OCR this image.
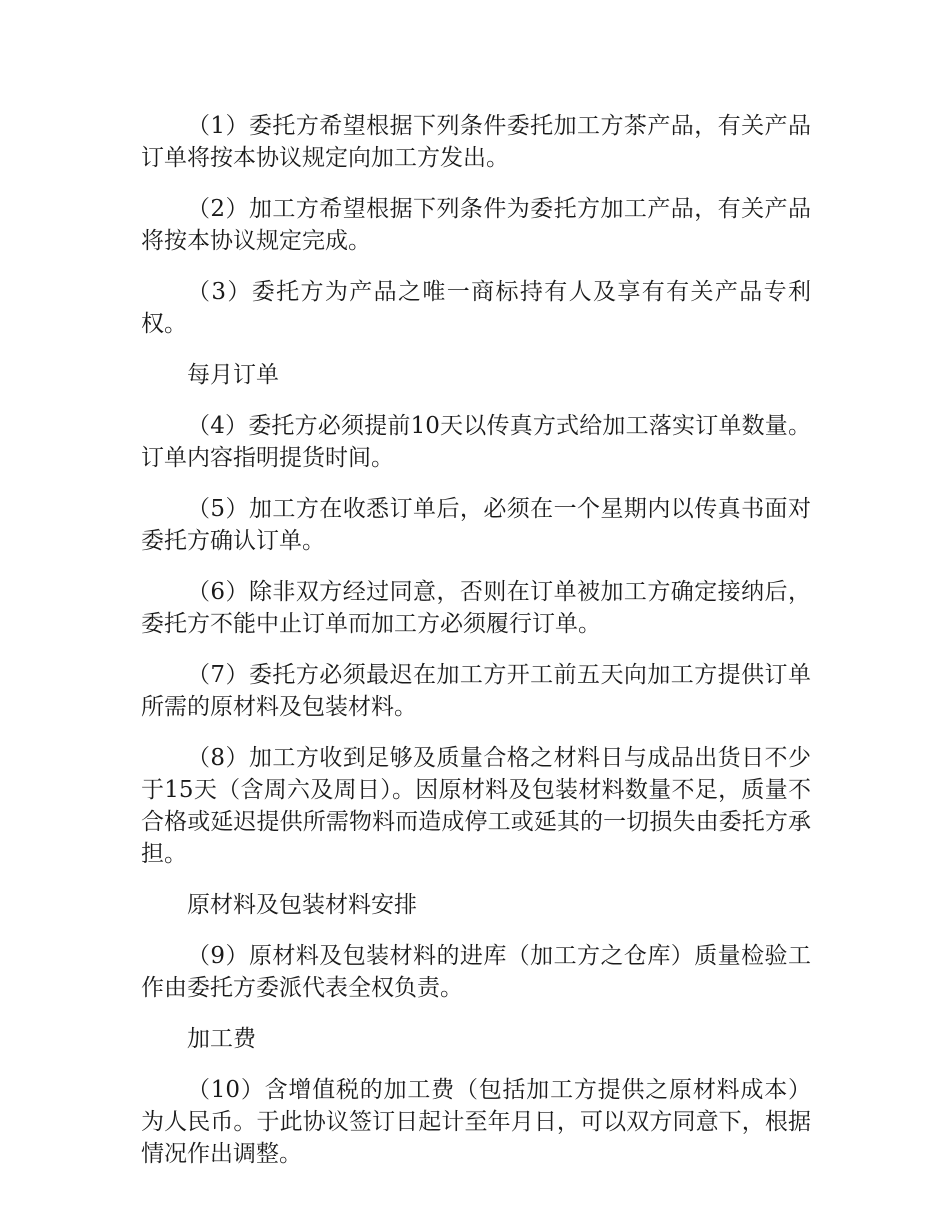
（1）委托方希望根据下列条件委托加工方茶产品，有关产品订单将按本协议规定向加工方发出。

（2）加工方希望根据下列条件为委托方加工产品，有关产品将按本协议规定完成。

（3）委托方为产品之唯一商标持有人及享有有关产品专利权。

每月订单

（4）委托方必须提前10天以传真方式给加工落实订单数量。订单内容指明提货时间。

（5）加工方在收悉订单后，必须在一个星期内以传真书面对委托方确认订单。

（6）除非双方经过同意，否则在订单被加工方确定接纳后，委托方不能中止订单而加工方必须履行订单。

（7）委托方必须最迟在加工方开工前五天向加工方提供订单所需的原材料及包装材料。

（8）加工方收到足够及质量合格之材料日与成品出货日不少于15天（含周六及周日）。因原材料及包装材料数量不足，质量不合格或延迟提供所需物料而造成停工或延其的一切损失由委托方承担。

原材料及包装材料安排

（9）原材料及包装材料的进库（加工方之仓库）质量检验工作由委托方委派代表全权负责。

加工费

（10）含增值税的加工费（包括加工方提供之原材料成本）为人民币。于此协议签订日起计至年月日，可以双方同意下，根据情况作出调整。
